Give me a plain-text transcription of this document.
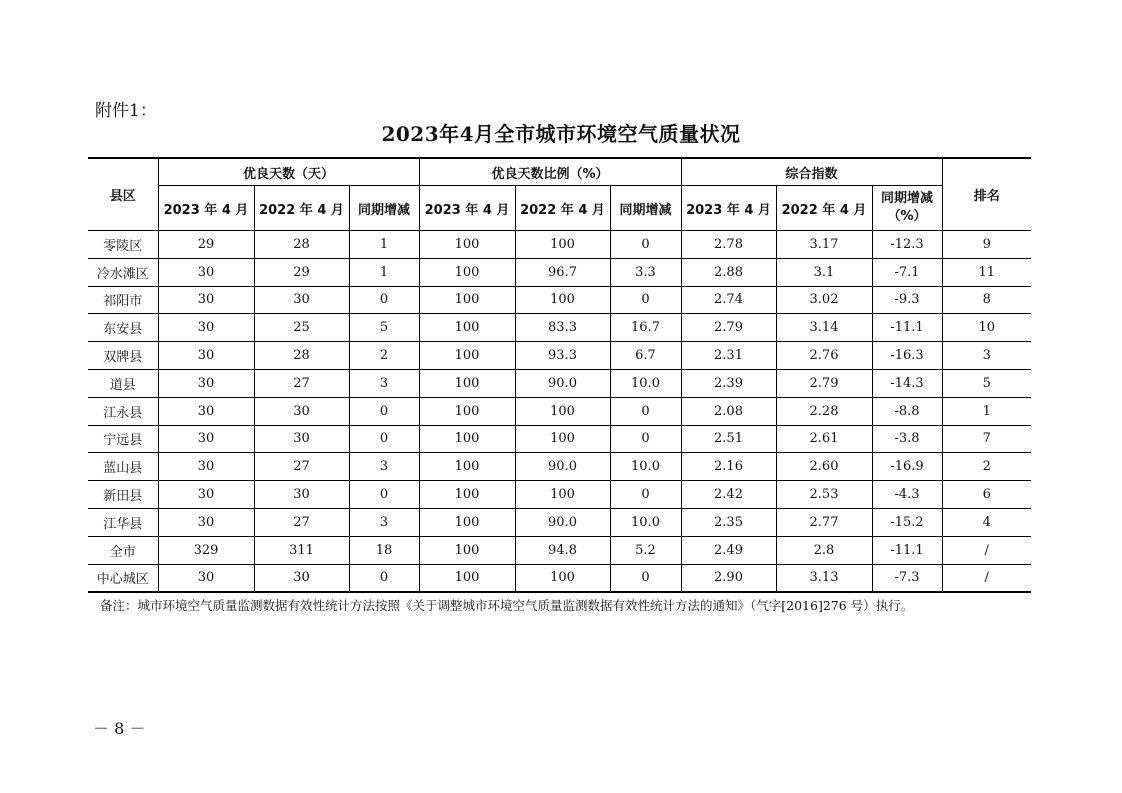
附件1：
2023年4月全市城市环境空气质量状况
县区	优良天数（天）			优良天数比例（%）			综合指数			排名
	2023 年 4 月	2022 年 4 月	同期增减	2023 年 4 月	2022 年 4 月	同期增减	2023 年 4 月	2022 年 4 月	同期增减
（%）	
零陵区	29	28	1	100	100	0	2.78	3.17	-12.3	9
冷水滩区	30	29	1	100	96.7	3.3	2.88	3.1	-7.1	11
祁阳市	30	30	0	100	100	0	2.74	3.02	-9.3	8
东安县	30	25	5	100	83.3	16.7	2.79	3.14	-11.1	10
双牌县	30	28	2	100	93.3	6.7	2.31	2.76	-16.3	3
道县	30	27	3	100	90.0	10.0	2.39	2.79	-14.3	5
江永县	30	30	0	100	100	0	2.08	2.28	-8.8	1
宁远县	30	30	0	100	100	0	2.51	2.61	-3.8	7
蓝山县	30	27	3	100	90.0	10.0	2.16	2.60	-16.9	2
新田县	30	30	0	100	100	0	2.42	2.53	-4.3	6
江华县	30	27	3	100	90.0	10.0	2.35	2.77	-15.2	4
全市	329	311	18	100	94.8	5.2	2.49	2.8	-11.1	/
中心城区	30	30	0	100	100	0	2.90	3.13	-7.3	/
备注：城市环境空气质量监测数据有效性统计方法按照《关于调整城市环境空气质量监测数据有效性统计方法的通知》（气字[2016]276 号）执行。
－ 8 －
